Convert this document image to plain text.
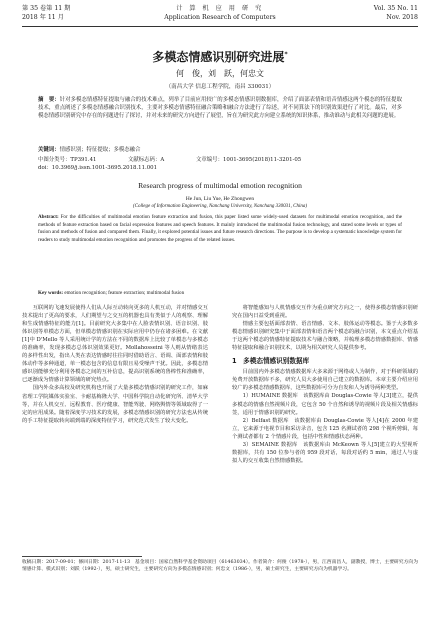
第 35 卷第 11 期
2018 年 11 月
计 算 机 应 用 研 究
Application Research of Computers
Vol. 35 No. 11
Nov. 2018
多模态情感识别研究进展*
何　俊，刘　跃，何忠文
（南昌大学 信息工程学院，南昌 330031）
摘　要：针对多模态情感特征提取与融合的技术难点，列举了目前应用较广的多模态情感识别数据库，介绍了面部表情和语音情感这两个模态的特征提取技术，重点阐述了多模态情感融合识别技术，主要对多模态情感特征融合策略和融合方法进行了综述，对不同算法下的识别效果进行了对比。最后，对多模态情感识别研究中存在的问题进行了探讨，并对未来的研究方向进行了展望，旨在为研究此方向建立系统的知识体系，推动谁动与此相关问题的进展。
关键词：情感识别；特征提取；多模态融合
中图分类号：TP391.41	文献标志码：A	文章编号：1001-3695(2018)11-3201-05
doi：10.3969/j.issn.1001-3695.2018.11.001
Research progress of multimodal emotion recognition
He Jun, Liu Yue, He Zhongwen
(College of Information Engineering, Nanchang University, Nanchang 330031, China)
Abstract: For the difficulties of multimodal emotion feature extraction and fusion, this paper listed some widely-used datasets for multimodal emotion recognition, and the methods of feature extraction based on facial expression features and speech features. It mainly introduced the multimodal fusion technology, and stated some levels or types of fusion and methods of fusion and compared them. Finally, it explored potential issues and future research directions. The purpose is to develop a systematic knowledge system for readers to study multimodal emotion recognition and promotes the progress of the related issues.
Key words: emotion recognition; feature extraction; multimodal fusion

互联网的飞速发展使得人们从人际互动转向更多的人机互动，并对情感交互技术提出了更高的要求，人们期望与之交互的机器也具有类似于人的观察、理解和生成情感特征的能力[1]。目前研究大多集中在人脸表情识别、语音识别、肢体识别等单模态方面，但单模态情感识别在实际应用中仍存在诸多困难。在文献[1]中 D'Mello 等人采用统计学的方法在不同的数据库上比较了单模态与多模态的准确率，发现多模态总体识别效果更好。Mollahosseini 等人则从情绪表达的多样性出发，指出人类在表达情感时往往同时借助语言、语调、面部表情和肢体动作等多种通道，单一模态包含的信息有限且易受噪声干扰。因此，多模态情感识别能够充分利用各模态之间的互补信息，提高识别系统的鲁棒性和准确率，已逐渐成为情感计算领域的研究热点。

国内外众多高校及研究机构也开展了大量多模态情感识别的研究工作，如麻省理工学院媒体实验室、卡耐基梅隆大学、中国科学院自动化研究所、清华大学等，并在人机交互、远程教育、医疗健康、智能驾驶、网络舆情等领域取得了一定的应用成果。随着深度学习技术的发展，多模态情感识别的研究方法也从传统的手工特征提取转向端到端的深度特征学习，研究范式发生了较大变化。

将智能感知与人机情感交互作为重点研究方向之一，使得多模态情感识别研究在国内日益受到重视。

情感主要包括面部表情、语音情感、文本、肢体运动等模态。鉴于大多数多模态情感识别研究集中于面部表情和语音两个模态的融合识别，本文重点介绍基于这两个模态的情感特征提取技术与融合策略，并梳理多模态情感数据库、情感特征提取和融合识别技术，以期为相关研究人员提供参考。

1　多模态情感识别数据库

目前国内外多模态情感数据库大多来源于网络或人为制作，对于科研领域的免费开放数据库不多，研究人员大多使用自己建立的数据库。本章主要介绍应用较广的多模态情感数据库，这些数据库可分为自发和人为诱导两种类型。

1）HUMAINE 数据库　该数据库由 Douglas-Cowie 等人[3]建立，提供多模态的情感自然视频片段，它包含 50 个自然和诱导的视频片段及相关情感标签，适用于情感识别的研究。

2）Belfast 数据库　该数据库由 Douglas-Cowie 等人[4]在 2000 年建立，它来源于电视节目和采访录音，包含 125 名测试者的 298 个视听剪辑，每个测试者都有 2 个情感片段，包括中性和情感状态两种。

3）SEMAINE 数据库　该数据库由 McKeown 等人[5]建立的大型视听数据库，共有 150 位参与者的 959 段对话，每段对话约 5 min，通过人与虚拟人的交互收集自然情感数据。

收稿日期：2017-09-01；修回日期：2017-11-13　基金项目：国家自然科学基金资助项目（61463034）。作者简介：何俊（1978-），男，江西南昌人，副教授，博士，主要研究方向为情感计算、模式识别；刘跃（1992-），男，硕士研究生，主要研究方向为多模态情感识别；何忠文（1986-），男，硕士研究生，主要研究方向为机器学习。
